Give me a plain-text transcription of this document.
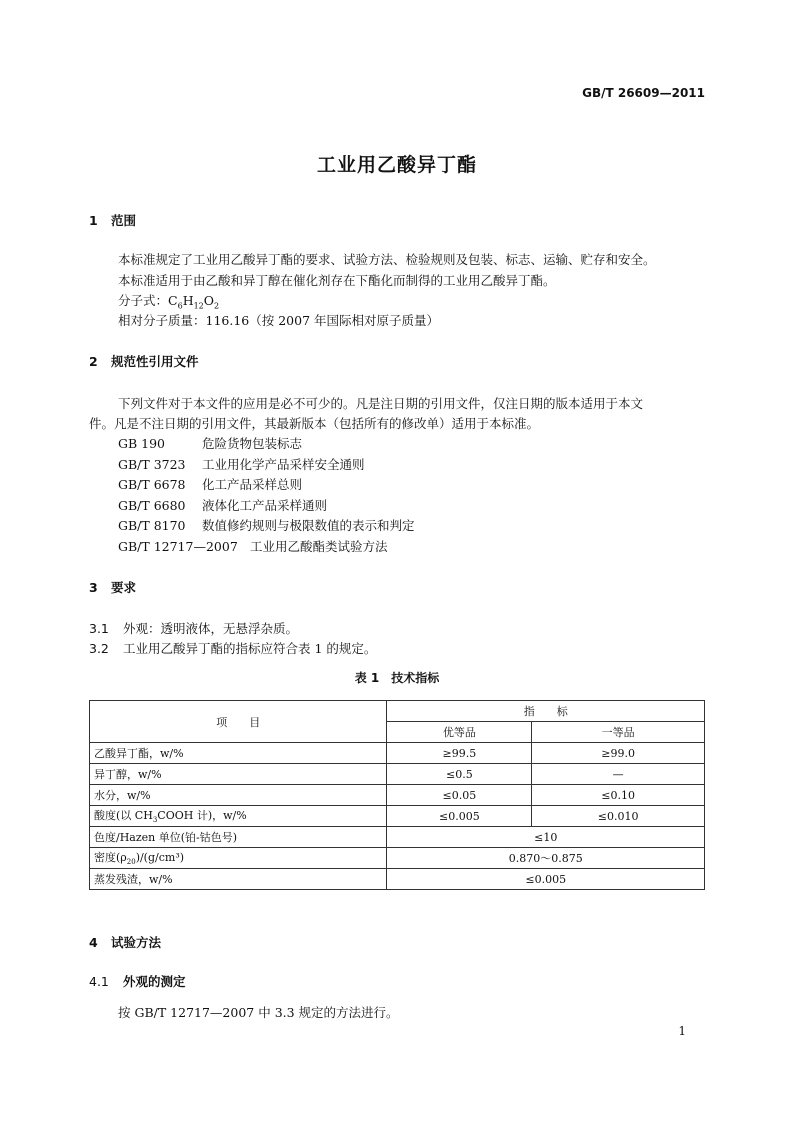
GB/T 26609—2011
工业用乙酸异丁酯
1 范围
本标准规定了工业用乙酸异丁酯的要求、试验方法、检验规则及包装、标志、运输、贮存和安全。
本标准适用于由乙酸和异丁醇在催化剂存在下酯化而制得的工业用乙酸异丁酯。
分子式：$C_6H_{12}O_2$
相对分子质量：116.16（按 2007 年国际相对原子质量）
2 规范性引用文件
下列文件对于本文件的应用是必不可少的。凡是注日期的引用文件，仅注日期的版本适用于本文
件。凡是不注日期的引用文件，其最新版本（包括所有的修改单）适用于本标准。
GB 190	危险货物包装标志
GB/T 3723 工业用化学产品采样安全通则
GB/T 6678 化工产品采样总则
GB/T 6680 液体化工产品采样通则
GB/T 8170 数值修约规则与极限数值的表示和判定
GB/T 12717—2007 工业用乙酸酯类试验方法
3 要求
3.1 外观：透明液体，无悬浮杂质。
3.2 工业用乙酸异丁酯的指标应符合表 1 的规定。
表 1　技术指标
项　　目	指　　标	
	优等品	一等品
乙酸异丁酯，w/%	≥99.5	≥99.0
异丁醇，w/%	≤0.5	—
水分，w/%	≤0.05	≤0.10
酸度(以 $CH_3COOH$ 计)，w/%	≤0.005	≤0.010
色度/Hazen 单位(铂-钴色号)	≤10	
密度$(\rho_{20})/(g/cm^3)$	0.870～0.875	
蒸发残渣，w/%	≤0.005	
4 试验方法
4.1 外观的测定
按 GB/T 12717—2007 中 3.3 规定的方法进行。
1
